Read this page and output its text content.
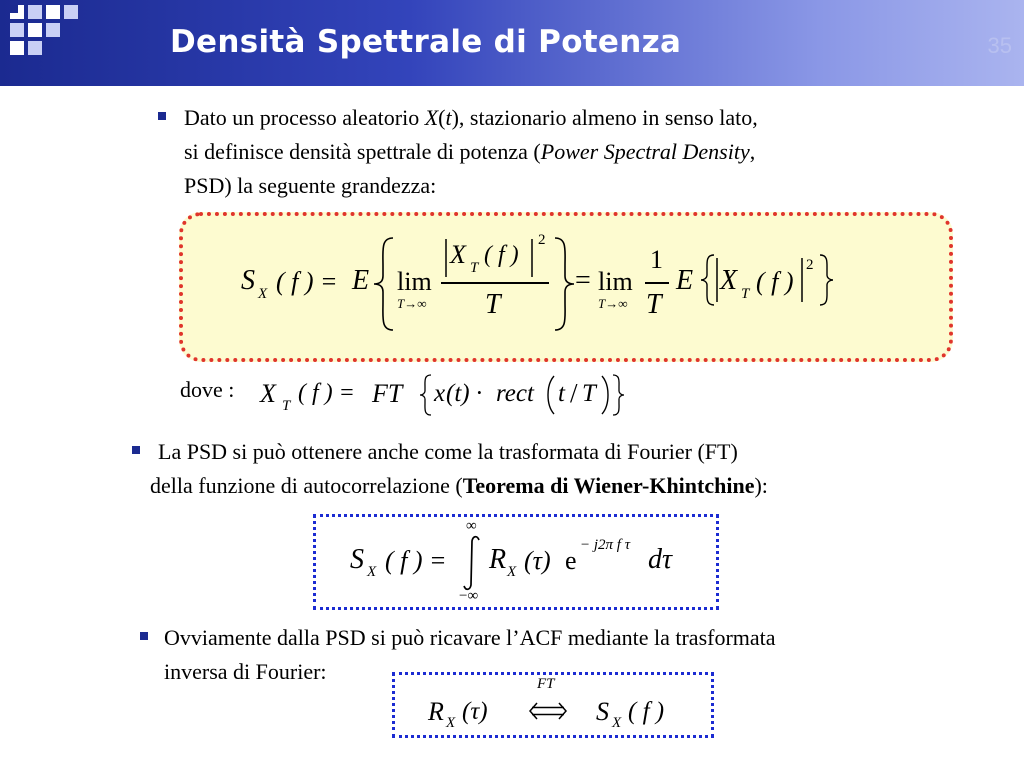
Densità Spettrale di Potenza	35
Dato un processo aleatorio X(t), stazionario almeno in senso lato,
si definisce densità spettrale di potenza (Power Spectral Density,
PSD) la seguente grandezza:
S X ( f ) = E lim
T→∞
X T ( f )
2
T
= lim
T→∞
1
T
E X T ( f )
2
dove : X T ( f ) = FT x (t) · rect t / T
La PSD si può ottenere anche come la trasformata di Fourier (FT)
della funzione di autocorrelazione (Teorema di Wiener-Khintchine):
S X ( f ) =
∞
−∞
R X (τ) e
− j2π f τ dτ
Ovviamente dalla PSD si può ricavare l’ACF mediante la trasformata
inversa di Fourier:
R X (τ)
FT
S X ( f )
